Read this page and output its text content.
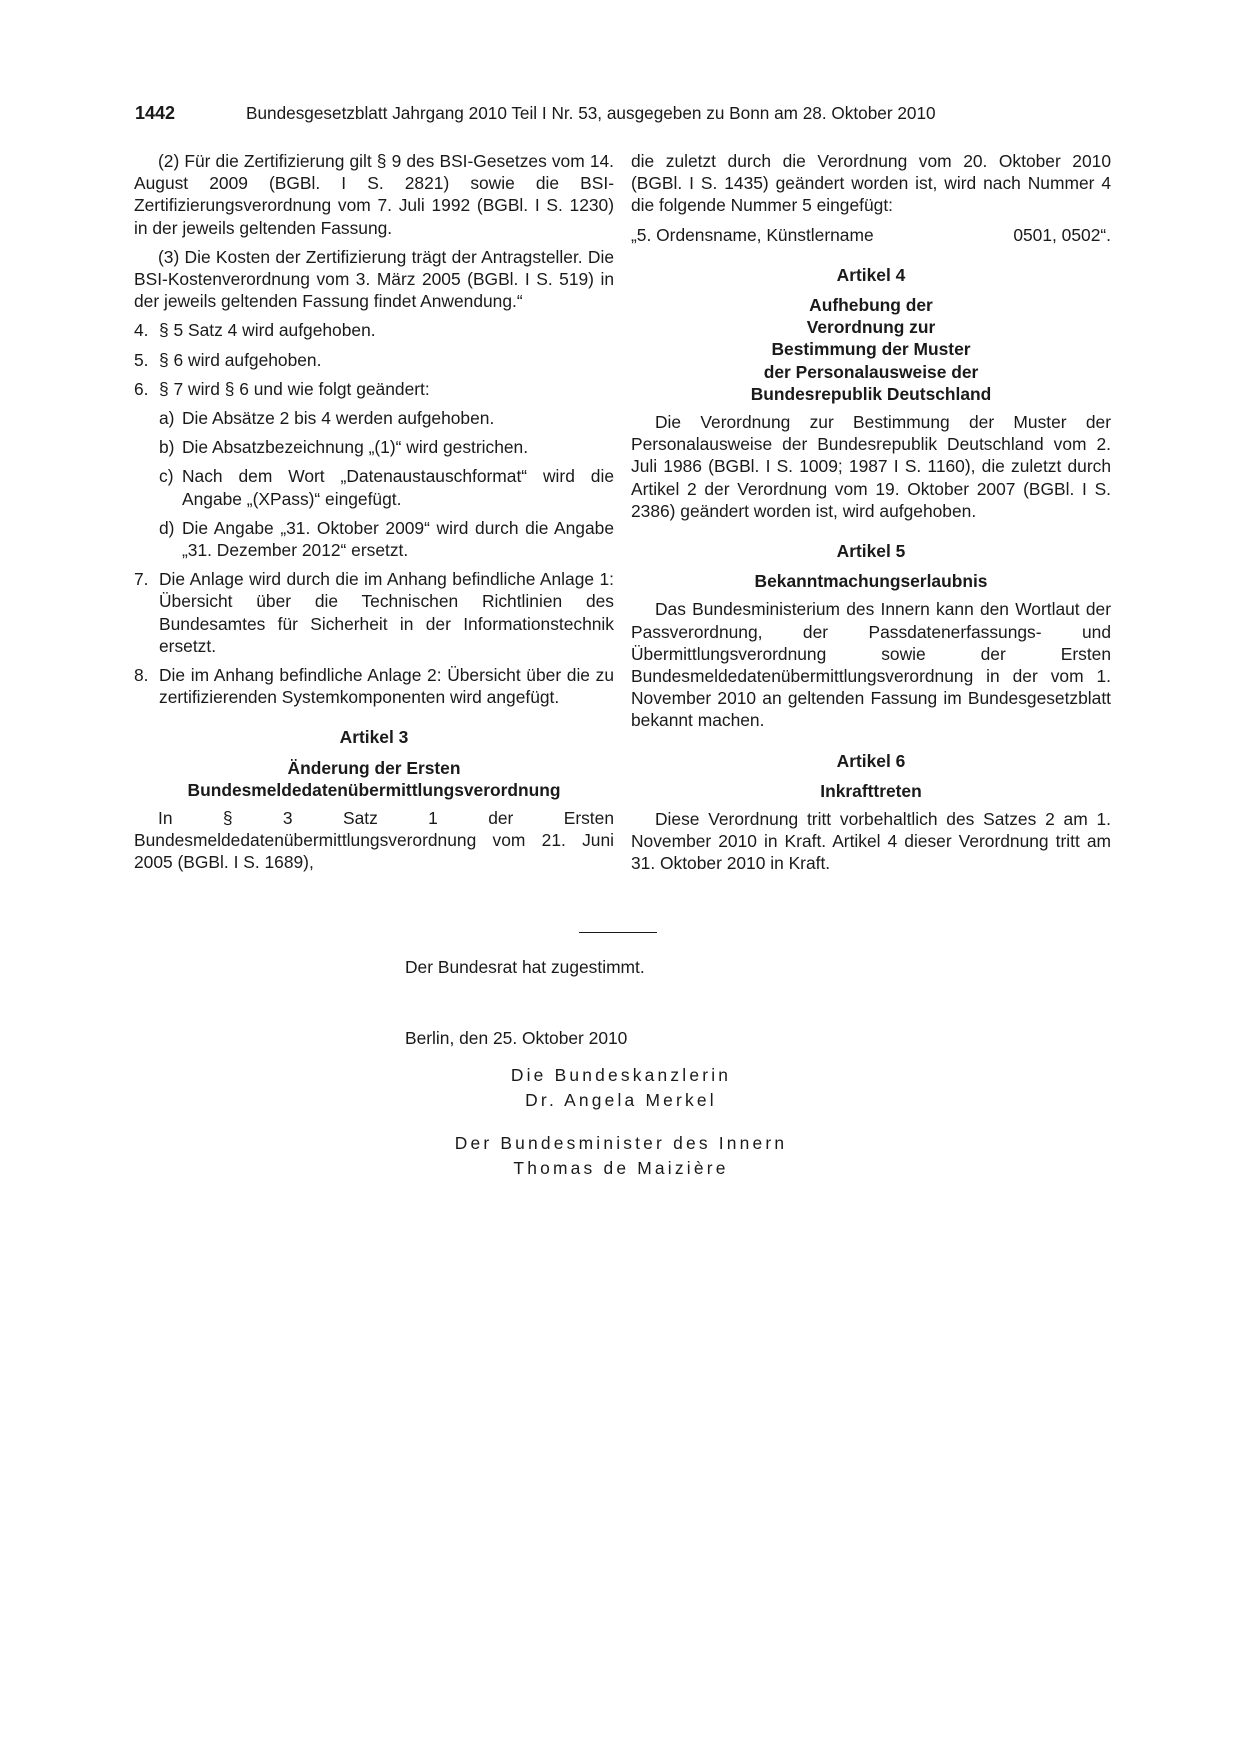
1442	Bundesgesetzblatt Jahrgang 2010 Teil I Nr. 53, ausgegeben zu Bonn am 28. Oktober 2010

(2) Für die Zertifizierung gilt § 9 des BSI-Gesetzes vom 14. August 2009 (BGBl. I S. 2821) sowie die BSI-Zertifizierungsverordnung vom 7. Juli 1992 (BGBl. I S. 1230) in der jeweils geltenden Fassung.

(3) Die Kosten der Zertifizierung trägt der Antragsteller. Die BSI-Kostenverordnung vom 3. März 2005 (BGBl. I S. 519) in der jeweils geltenden Fassung findet Anwendung.“

4. § 5 Satz 4 wird aufgehoben.
5. § 6 wird aufgehoben.
6. § 7 wird § 6 und wie folgt geändert:
a) Die Absätze 2 bis 4 werden aufgehoben.
b) Die Absatzbezeichnung „(1)“ wird gestrichen.
c) Nach dem Wort „Datenaustauschformat“ wird die Angabe „(XPass)“ eingefügt.
d) Die Angabe „31. Oktober 2009“ wird durch die Angabe „31. Dezember 2012“ ersetzt.
7. Die Anlage wird durch die im Anhang befindliche Anlage 1: Übersicht über die Technischen Richtlinien des Bundesamtes für Sicherheit in der Informationstechnik ersetzt.
8. Die im Anhang befindliche Anlage 2: Übersicht über die zu zertifizierenden Systemkomponenten wird angefügt.

Artikel 3

Änderung der Ersten

Bundesmeldedatenübermittlungsverordnung

In § 3 Satz 1 der Ersten Bundesmeldedatenübermittlungsverordnung vom 21. Juni 2005 (BGBl. I S. 1689),

die zuletzt durch die Verordnung vom 20. Oktober 2010 (BGBl. I S. 1435) geändert worden ist, wird nach Nummer 4 die folgende Nummer 5 eingefügt:

„5. Ordensname, Künstlername	0501, 0502“.

Artikel 4

Aufhebung der

Verordnung zur

Bestimmung der Muster

der Personalausweise der

Bundesrepublik Deutschland

Die Verordnung zur Bestimmung der Muster der Personalausweise der Bundesrepublik Deutschland vom 2. Juli 1986 (BGBl. I S. 1009; 1987 I S. 1160), die zuletzt durch Artikel 2 der Verordnung vom 19. Oktober 2007 (BGBl. I S. 2386) geändert worden ist, wird aufgehoben.

Artikel 5

Bekanntmachungserlaubnis

Das Bundesministerium des Innern kann den Wortlaut der Passverordnung, der Passdatenerfassungs- und Übermittlungsverordnung sowie der Ersten Bundesmeldedatenübermittlungsverordnung in der vom 1. November 2010 an geltenden Fassung im Bundesgesetzblatt bekannt machen.

Artikel 6

Inkrafttreten

Diese Verordnung tritt vorbehaltlich des Satzes 2 am 1. November 2010 in Kraft. Artikel 4 dieser Verordnung tritt am 31. Oktober 2010 in Kraft.

Der Bundesrat hat zugestimmt.

Berlin, den 25. Oktober 2010

Die Bundeskanzlerin
Dr. Angela Merkel
Der Bundesminister des Innern
Thomas de Maizière
